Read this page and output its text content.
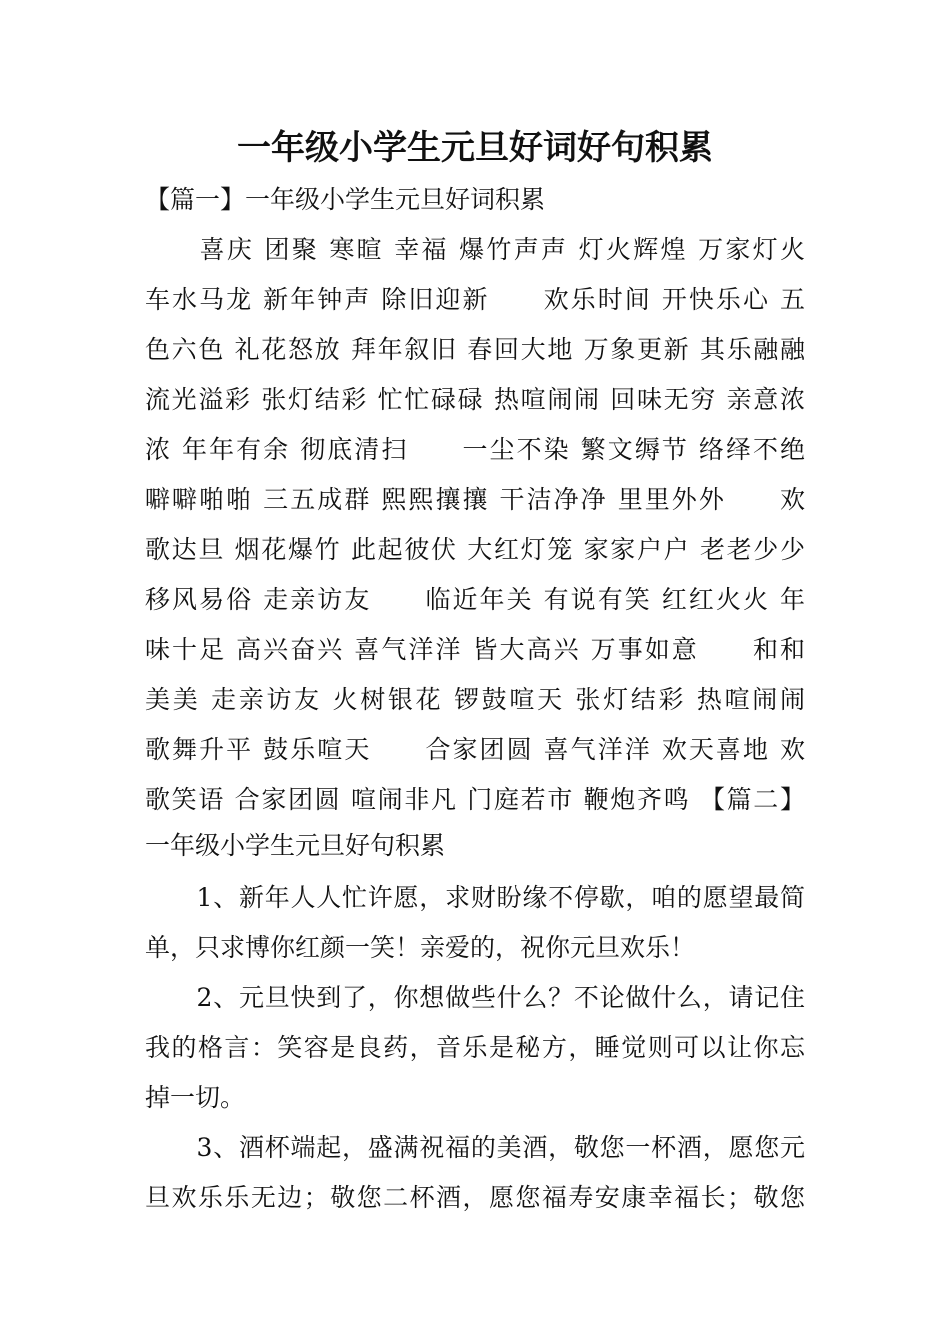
一年级小学生元旦好词好句积累
【篇一】一年级小学生元旦好词积累
　　喜庆 团聚 寒暄 幸福 爆竹声声 灯火辉煌 万家灯火
车水马龙 新年钟声 除旧迎新　　欢乐时间 开快乐心 五
色六色 礼花怒放 拜年叙旧 春回大地 万象更新 其乐融融
流光溢彩 张灯结彩 忙忙碌碌 热喧闹闹 回味无穷 亲意浓
浓 年年有余 彻底清扫　　一尘不染 繁文缛节 络绎不绝
噼噼啪啪 三五成群 熙熙攘攘 干洁净净 里里外外　　欢
歌达旦 烟花爆竹 此起彼伏 大红灯笼 家家户户 老老少少
移风易俗 走亲访友　　临近年关 有说有笑 红红火火 年
味十足 高兴奋兴 喜气洋洋 皆大高兴 万事如意　　和和
美美 走亲访友 火树银花 锣鼓喧天 张灯结彩 热喧闹闹
歌舞升平 鼓乐喧天　　合家团圆 喜气洋洋 欢天喜地 欢
歌笑语 合家团圆 喧闹非凡 门庭若市 鞭炮齐鸣 【篇二】
一年级小学生元旦好句积累
　　1、新年人人忙许愿，求财盼缘不停歇，咱的愿望最简
单，只求博你红颜一笑！亲爱的，祝你元旦欢乐！
　　2、元旦快到了，你想做些什么？不论做什么，请记住
我的格言：笑容是良药，音乐是秘方，睡觉则可以让你忘
掉一切。
　　3、酒杯端起，盛满祝福的美酒，敬您一杯酒，愿您元
旦欢乐乐无边；敬您二杯酒，愿您福寿安康幸福长；敬您
